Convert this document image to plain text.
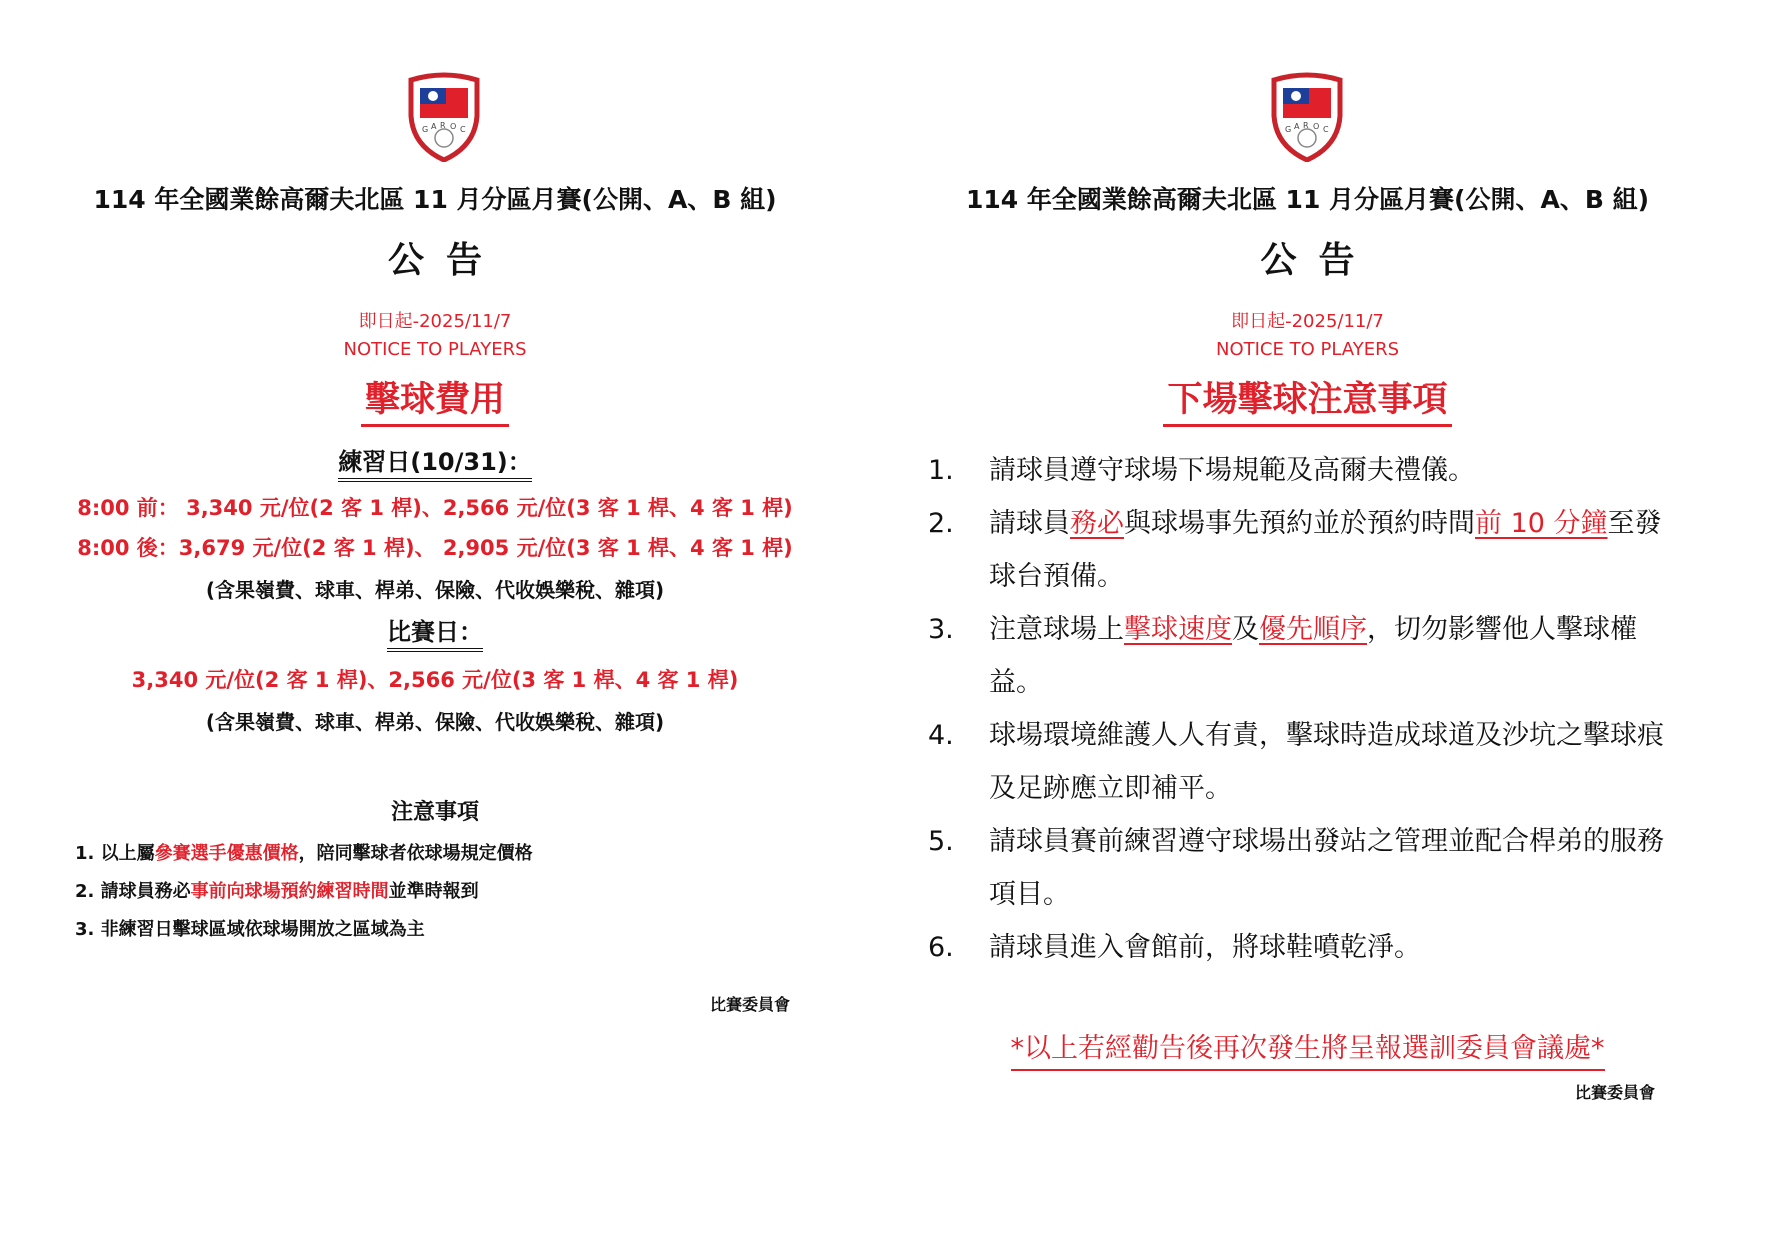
G A R O C
114 年全國業餘高爾夫北區 11 月分區月賽(公開、A、B 組)
公告
即日起-2025/11/7
NOTICE TO PLAYERS
擊球費用
練習日(10/31)：
8:00 前： 3,340 元/位(2 客 1 桿)、2,566 元/位(3 客 1 桿、4 客 1 桿)
8:00 後：3,679 元/位(2 客 1 桿)、 2,905 元/位(3 客 1 桿、4 客 1 桿)
(含果嶺費、球車、桿弟、保險、代收娛樂稅、雜項)
比賽日：
3,340 元/位(2 客 1 桿)、2,566 元/位(3 客 1 桿、4 客 1 桿)
(含果嶺費、球車、桿弟、保險、代收娛樂稅、雜項)
注意事項
1. 以上屬參賽選手優惠價格，陪同擊球者依球場規定價格
2. 請球員務必事前向球場預約練習時間並準時報到
3. 非練習日擊球區域依球場開放之區域為主
比賽委員會
G A R O C
114 年全國業餘高爾夫北區 11 月分區月賽(公開、A、B 組)
公告
即日起-2025/11/7
NOTICE TO PLAYERS
下場擊球注意事項
1. 請球員遵守球場下場規範及高爾夫禮儀。
2. 請球員務必與球場事先預約並於預約時間前 10 分鐘至發球台預備。
3. 注意球場上擊球速度及優先順序，切勿影響他人擊球權益。
4. 球場環境維護人人有責，擊球時造成球道及沙坑之擊球痕及足跡應立即補平。
5. 請球員賽前練習遵守球場出發站之管理並配合桿弟的服務項目。
6. 請球員進入會館前，將球鞋噴乾淨。
*以上若經勸告後再次發生將呈報選訓委員會議處*
比賽委員會
